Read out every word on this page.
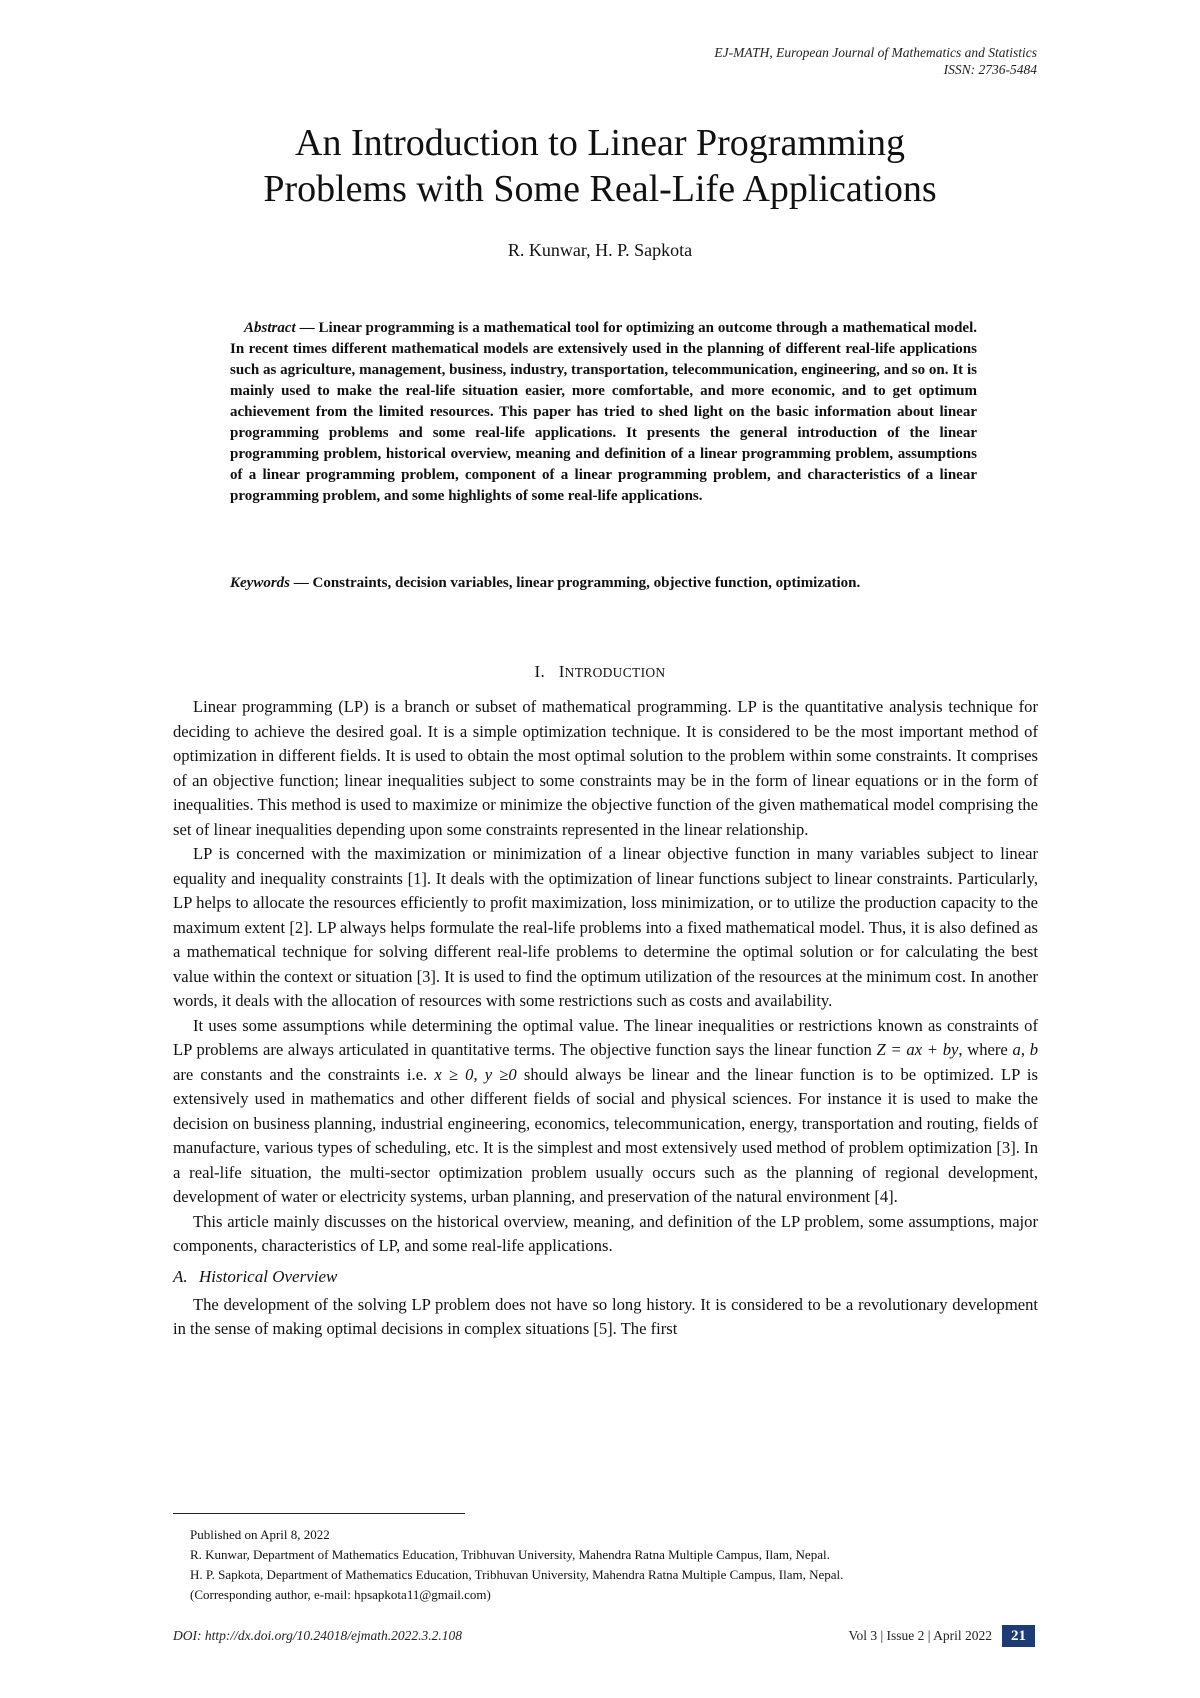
EJ-MATH, European Journal of Mathematics and Statistics
ISSN: 2736-5484
An Introduction to Linear Programming
Problems with Some Real-Life Applications
R. Kunwar, H. P. Sapkota
Abstract — Linear programming is a mathematical tool for optimizing an outcome through a mathematical model. In recent times different mathematical models are extensively used in the planning of different real-life applications such as agriculture, management, business, industry, transportation, telecommunication, engineering, and so on. It is mainly used to make the real-life situation easier, more comfortable, and more economic, and to get optimum achievement from the limited resources. This paper has tried to shed light on the basic information about linear programming problems and some real-life applications. It presents the general introduction of the linear programming problem, historical overview, meaning and definition of a linear programming problem, assumptions of a linear programming problem, component of a linear programming problem, and characteristics of a linear programming problem, and some highlights of some real-life applications.
Keywords — Constraints, decision variables, linear programming, objective function, optimization.
I. INTRODUCTION

Linear programming (LP) is a branch or subset of mathematical programming. LP is the quantitative analysis technique for deciding to achieve the desired goal. It is a simple optimization technique. It is considered to be the most important method of optimization in different fields. It is used to obtain the most optimal solution to the problem within some constraints. It comprises of an objective function; linear inequalities subject to some constraints may be in the form of linear equations or in the form of inequalities. This method is used to maximize or minimize the objective function of the given mathematical model comprising the set of linear inequalities depending upon some constraints represented in the linear relationship.

LP is concerned with the maximization or minimization of a linear objective function in many variables subject to linear equality and inequality constraints [1]. It deals with the optimization of linear functions subject to linear constraints. Particularly, LP helps to allocate the resources efficiently to profit maximization, loss minimization, or to utilize the production capacity to the maximum extent [2]. LP always helps formulate the real-life problems into a fixed mathematical model. Thus, it is also defined as a mathematical technique for solving different real-life problems to determine the optimal solution or for calculating the best value within the context or situation [3]. It is used to find the optimum utilization of the resources at the minimum cost. In another words, it deals with the allocation of resources with some restrictions such as costs and availability.

It uses some assumptions while determining the optimal value. The linear inequalities or restrictions known as constraints of LP problems are always articulated in quantitative terms. The objective function says the linear function Z = ax + by, where a, b are constants and the constraints i.e. x ≥ 0, y ≥0 should always be linear and the linear function is to be optimized. LP is extensively used in mathematics and other different fields of social and physical sciences. For instance it is used to make the decision on business planning, industrial engineering, economics, telecommunication, energy, transportation and routing, fields of manufacture, various types of scheduling, etc. It is the simplest and most extensively used method of problem optimization [3]. In a real-life situation, the multi-sector optimization problem usually occurs such as the planning of regional development, development of water or electricity systems, urban planning, and preservation of the natural environment [4].

This article mainly discusses on the historical overview, meaning, and definition of the LP problem, some assumptions, major components, characteristics of LP, and some real-life applications.

A. Historical Overview

The development of the solving LP problem does not have so long history. It is considered to be a revolutionary development in the sense of making optimal decisions in complex situations [5]. The first

Published on April 8, 2022
R. Kunwar, Department of Mathematics Education, Tribhuvan University, Mahendra Ratna Multiple Campus, Ilam, Nepal.
H. P. Sapkota, Department of Mathematics Education, Tribhuvan University, Mahendra Ratna Multiple Campus, Ilam, Nepal.
(Corresponding author, e-mail: hpsapkota11@gmail.com)
DOI: http://dx.doi.org/10.24018/ejmath.2022.3.2.108	Vol 3 | Issue 2 | April 2022	21
